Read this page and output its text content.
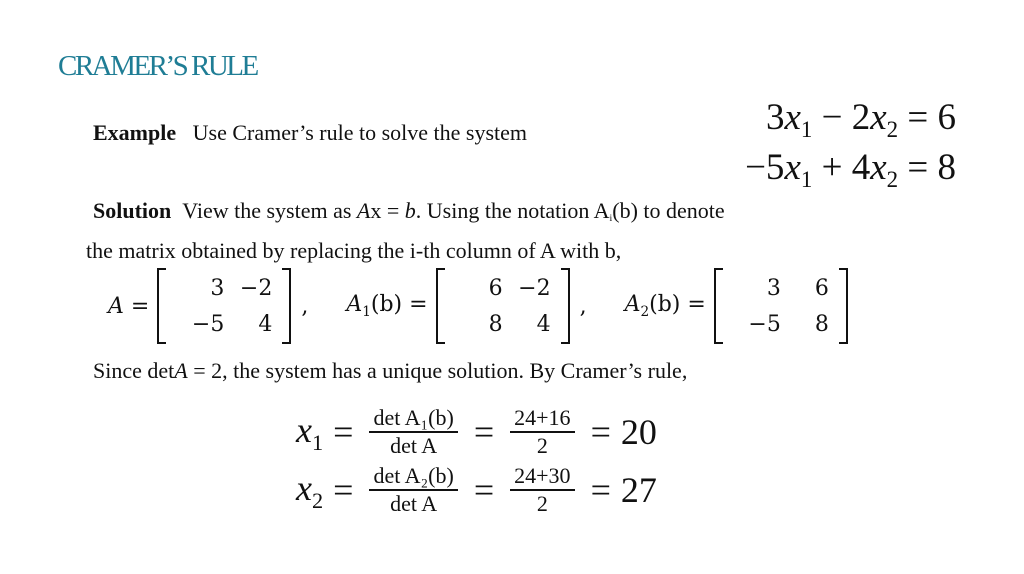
CRAMER’S RULE
Example Use Cramer’s rule to solve the system	$3x_1 - 2x_2 = 6$
$-5x_1 + 4x_2 = 8$
Solution View the system as Ax = b. Using the notation Ai(b) to denote
the matrix obtained by replacing the i-th column of A with b,
A =
3 −2
−5 4
, $A_1(b)$ =
6 −2
8 4
, $A_2(b)$ =
3 6
−5 8
Since detA = 2, the system has a unique solution. By Cramer’s rule,
$x_1 = \frac{\text{det A₁(b)}}{\text{det A}} = \frac{24+16}{2} = 20$
$x_2 = \frac{\text{det A₂(b)}}{\text{det A}} = \frac{24+30}{2} = 27$
